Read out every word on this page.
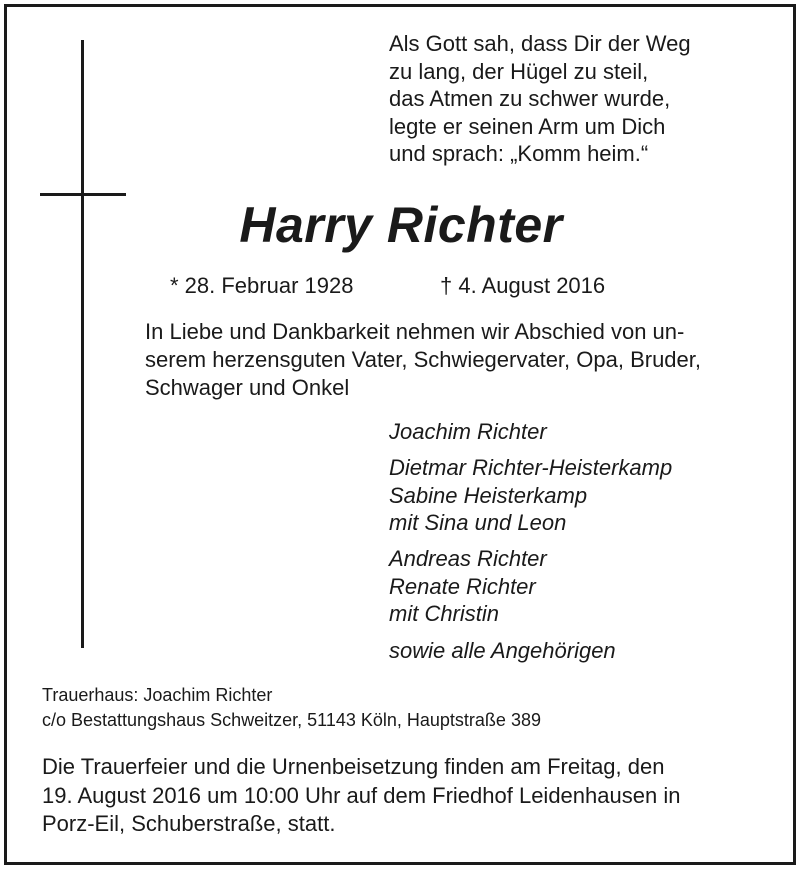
Als Gott sah, dass Dir der Weg
zu lang, der Hügel zu steil,
das Atmen zu schwer wurde,
legte er seinen Arm um Dich
und sprach: „Komm heim.“
Harry Richter
* 28. Februar 1928	† 4. August 2016
In Liebe und Dankbarkeit nehmen wir Abschied von un-
serem herzensguten Vater, Schwiegervater, Opa, Bruder,
Schwager und Onkel
Joachim Richter
Dietmar Richter-Heisterkamp
Sabine Heisterkamp
mit Sina und Leon
Andreas Richter
Renate Richter
mit Christin
sowie alle Angehörigen
Trauerhaus: Joachim Richter
c/o Bestattungshaus Schweitzer, 51143 Köln, Hauptstraße 389
Die Trauerfeier und die Urnenbeisetzung finden am Freitag, den
19. August 2016 um 10:00 Uhr auf dem Friedhof Leidenhausen in
Porz-Eil, Schuberstraße, statt.
